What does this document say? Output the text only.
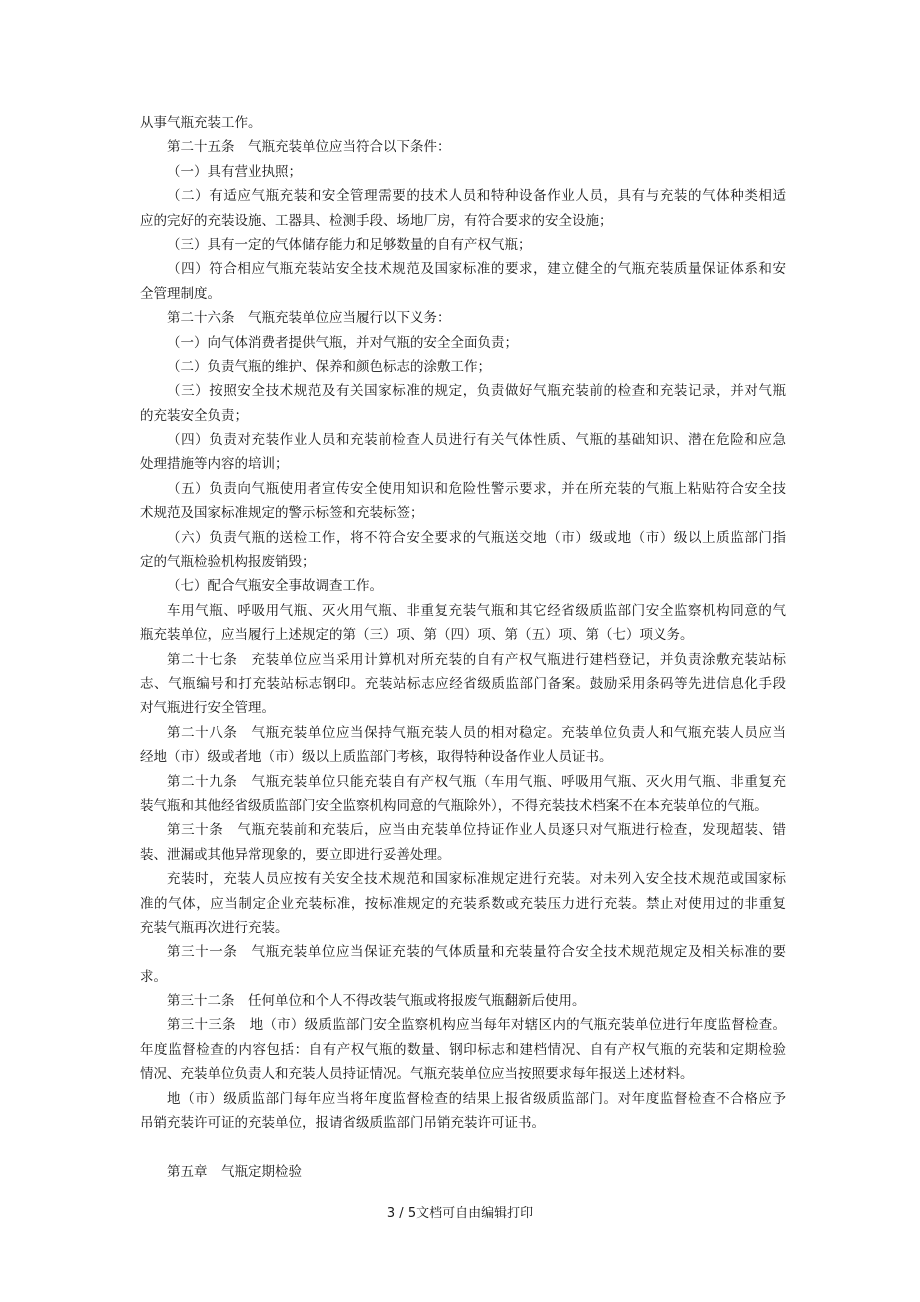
从事气瓶充装工作。
第二十五条　气瓶充装单位应当符合以下条件：
（一）具有营业执照；
（二）有适应气瓶充装和安全管理需要的技术人员和特种设备作业人员，具有与充装的气体种类相适
应的完好的充装设施、工器具、检测手段、场地厂房，有符合要求的安全设施；
（三）具有一定的气体储存能力和足够数量的自有产权气瓶；
（四）符合相应气瓶充装站安全技术规范及国家标准的要求，建立健全的气瓶充装质量保证体系和安
全管理制度。
第二十六条　气瓶充装单位应当履行以下义务：
（一）向气体消费者提供气瓶，并对气瓶的安全全面负责；
（二）负责气瓶的维护、保养和颜色标志的涂敷工作；
（三）按照安全技术规范及有关国家标准的规定，负责做好气瓶充装前的检查和充装记录，并对气瓶
的充装安全负责；
（四）负责对充装作业人员和充装前检查人员进行有关气体性质、气瓶的基础知识、潜在危险和应急
处理措施等内容的培训；
（五）负责向气瓶使用者宣传安全使用知识和危险性警示要求，并在所充装的气瓶上粘贴符合安全技
术规范及国家标准规定的警示标签和充装标签；
（六）负责气瓶的送检工作，将不符合安全要求的气瓶送交地（市）级或地（市）级以上质监部门指
定的气瓶检验机构报废销毁；
（七）配合气瓶安全事故调查工作。
车用气瓶、呼吸用气瓶、灭火用气瓶、非重复充装气瓶和其它经省级质监部门安全监察机构同意的气
瓶充装单位，应当履行上述规定的第（三）项、第（四）项、第（五）项、第（七）项义务。
第二十七条　充装单位应当采用计算机对所充装的自有产权气瓶进行建档登记，并负责涂敷充装站标
志、气瓶编号和打充装站标志钢印。充装站标志应经省级质监部门备案。鼓励采用条码等先进信息化手段
对气瓶进行安全管理。
第二十八条　气瓶充装单位应当保持气瓶充装人员的相对稳定。充装单位负责人和气瓶充装人员应当
经地（市）级或者地（市）级以上质监部门考核，取得特种设备作业人员证书。
第二十九条　气瓶充装单位只能充装自有产权气瓶（车用气瓶、呼吸用气瓶、灭火用气瓶、非重复充
装气瓶和其他经省级质监部门安全监察机构同意的气瓶除外），不得充装技术档案不在本充装单位的气瓶。
第三十条　气瓶充装前和充装后，应当由充装单位持证作业人员逐只对气瓶进行检查，发现超装、错
装、泄漏或其他异常现象的，要立即进行妥善处理。
充装时，充装人员应按有关安全技术规范和国家标准规定进行充装。对未列入安全技术规范或国家标
准的气体，应当制定企业充装标准，按标准规定的充装系数或充装压力进行充装。禁止对使用过的非重复
充装气瓶再次进行充装。
第三十一条　气瓶充装单位应当保证充装的气体质量和充装量符合安全技术规范规定及相关标准的要
求。
第三十二条　任何单位和个人不得改装气瓶或将报废气瓶翻新后使用。
第三十三条　地（市）级质监部门安全监察机构应当每年对辖区内的气瓶充装单位进行年度监督检查。
年度监督检查的内容包括：自有产权气瓶的数量、钢印标志和建档情况、自有产权气瓶的充装和定期检验
情况、充装单位负责人和充装人员持证情况。气瓶充装单位应当按照要求每年报送上述材料。
地（市）级质监部门每年应当将年度监督检查的结果上报省级质监部门。对年度监督检查不合格应予
吊销充装许可证的充装单位，报请省级质监部门吊销充装许可证书。
第五章　气瓶定期检验
3 / 5文档可自由编辑打印
